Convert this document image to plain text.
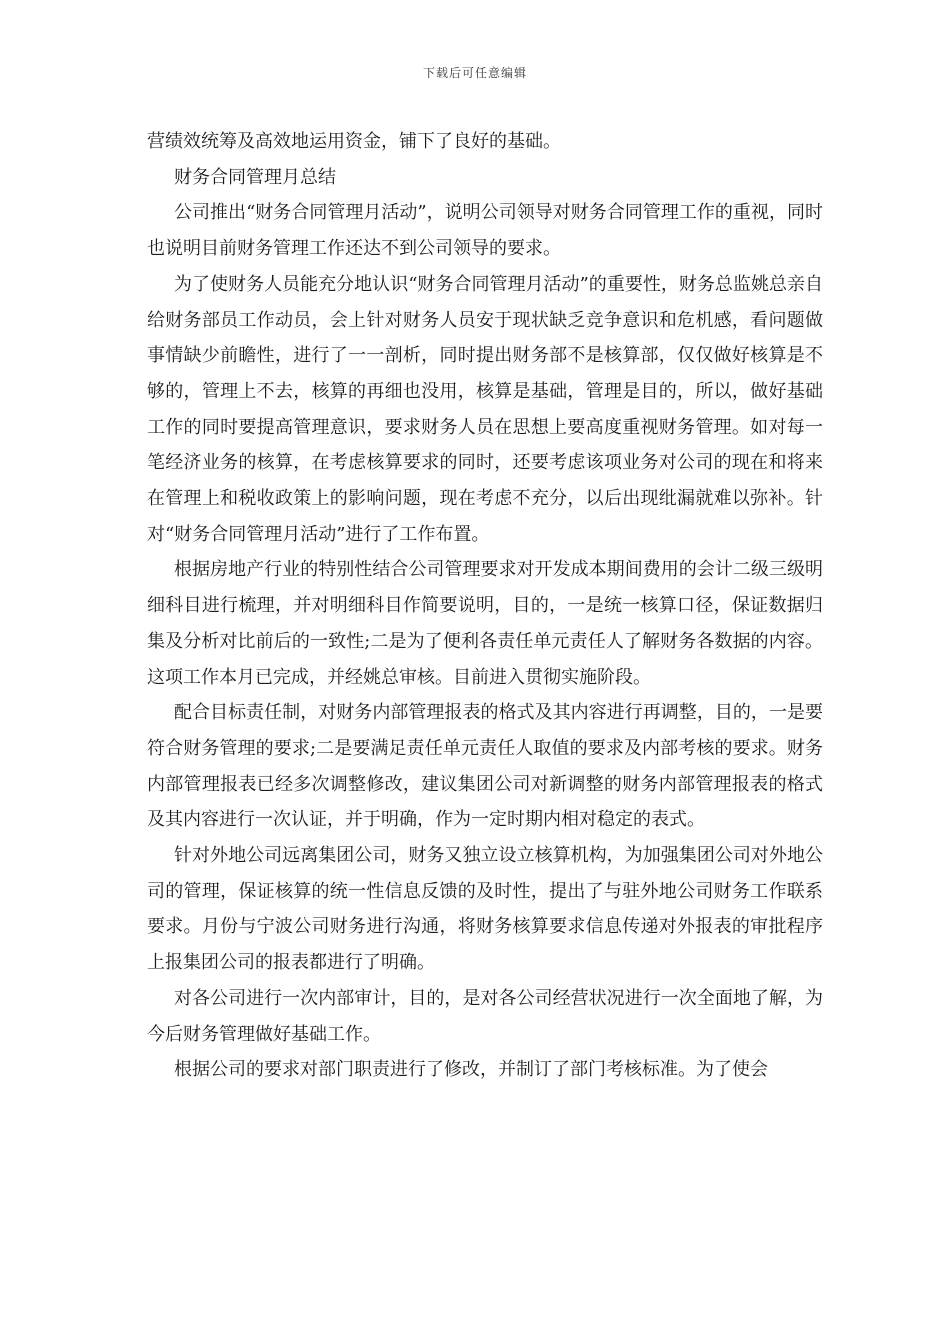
下载后可任意编辑

营绩效统筹及高效地运用资金，铺下了良好的基础。

财务合同管理月总结

公司推出“财务合同管理月活动”，说明公司领导对财务合同管理工作的重视，同时也说明目前财务管理工作还达不到公司领导的要求。

为了使财务人员能充分地认识“财务合同管理月活动”的重要性，财务总监姚总亲自给财务部员工作动员，会上针对财务人员安于现状缺乏竞争意识和危机感，看问题做事情缺少前瞻性，进行了一一剖析，同时提出财务部不是核算部，仅仅做好核算是不够的，管理上不去，核算的再细也没用，核算是基础，管理是目的，所以，做好基础工作的同时要提高管理意识，要求财务人员在思想上要高度重视财务管理。如对每一笔经济业务的核算，在考虑核算要求的同时，还要考虑该项业务对公司的现在和将来在管理上和税收政策上的影响问题，现在考虑不充分，以后出现纰漏就难以弥补。针对“财务合同管理月活动”进行了工作布置。

根据房地产行业的特别性结合公司管理要求对开发成本期间费用的会计二级三级明细科目进行梳理，并对明细科目作简要说明，目的，一是统一核算口径，保证数据归集及分析对比前后的一致性;二是为了便利各责任单元责任人了解财务各数据的内容。这项工作本月已完成，并经姚总审核。目前进入贯彻实施阶段。

配合目标责任制，对财务内部管理报表的格式及其内容进行再调整，目的，一是要符合财务管理的要求;二是要满足责任单元责任人取值的要求及内部考核的要求。财务内部管理报表已经多次调整修改，建议集团公司对新调整的财务内部管理报表的格式及其内容进行一次认证，并于明确，作为一定时期内相对稳定的表式。

针对外地公司远离集团公司，财务又独立设立核算机构，为加强集团公司对外地公司的管理，保证核算的统一性信息反馈的及时性，提出了与驻外地公司财务工作联系要求。月份与宁波公司财务进行沟通，将财务核算要求信息传递对外报表的审批程序上报集团公司的报表都进行了明确。

对各公司进行一次内部审计，目的，是对各公司经营状况进行一次全面地了解，为今后财务管理做好基础工作。

根据公司的要求对部门职责进行了修改，并制订了部门考核标准。为了使会
